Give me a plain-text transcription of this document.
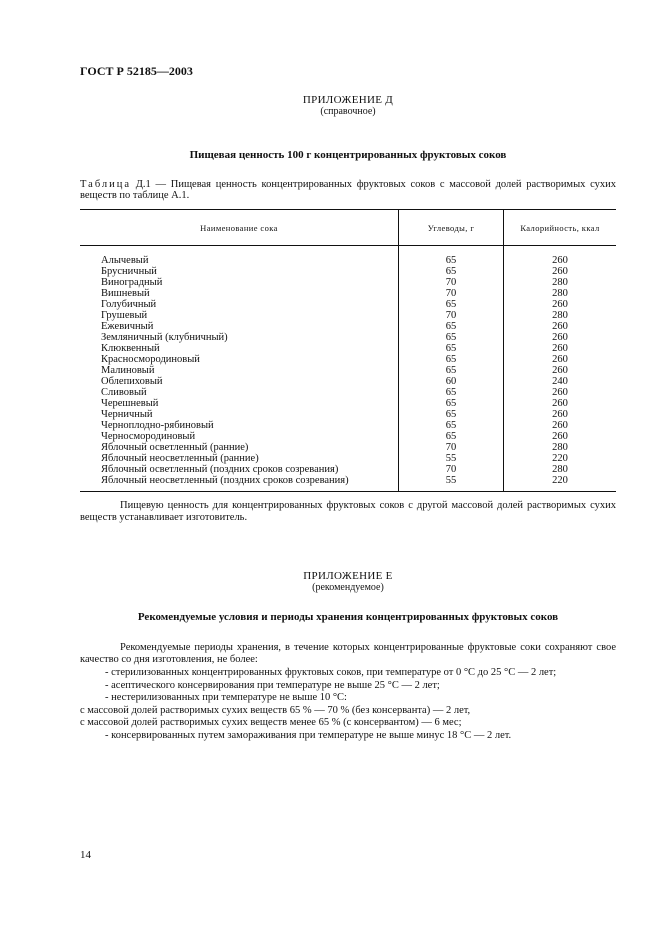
ГОСТ Р 52185—2003
ПРИЛОЖЕНИЕ Д
(справочное)
Пищевая ценность 100 г концентрированных фруктовых соков
Таблица Д.1 — Пищевая ценность концентрированных фруктовых соков с массовой долей растворимых сухих веществ по таблице А.1.
Наименование сока	Углеводы, г	Калорийность, ккал

Алычевый	65	260
Брусничный	65	260
Виноградный	70	280
Вишневый	70	280
Голубичный	65	260
Грушевый	70	280
Ежевичный	65	260
Земляничный (клубничный)	65	260
Клюквенный	65	260
Красносмородиновый	65	260
Малиновый	65	260
Облепиховый	60	240
Сливовый	65	260
Черешневый	65	260
Черничный	65	260
Черноплодно-рябиновый	65	260
Черносмородиновый	65	260
Яблочный осветленный (ранние)	70	280
Яблочный неосветленный (ранние)	55	220
Яблочный осветленный (поздних сроков созревания)	70	280
Яблочный неосветленный (поздних сроков созревания)	55	220
Пищевую ценность для концентрированных фруктовых соков с другой массовой долей растворимых сухих веществ устанавливает изготовитель.
ПРИЛОЖЕНИЕ Е
(рекомендуемое)
Рекомендуемые условия и периоды хранения концентрированных фруктовых соков
Рекомендуемые периоды хранения, в течение которых концентрированные фруктовые соки сохраняют свое качество со дня изготовления, не более:
- стерилизованных концентрированных фруктовых соков, при температуре от 0 °С до 25 °С — 2 лет;
- асептического консервирования при температуре не выше 25 °С — 2 лет;
- нестерилизованных при температуре не выше 10 °С:
с массовой долей растворимых сухих веществ 65 % — 70 % (без консерванта) — 2 лет,
с массовой долей растворимых сухих веществ менее 65 % (с консервантом) — 6 мес;
- консервированных путем замораживания при температуре не выше минус 18 °С — 2 лет.
14
